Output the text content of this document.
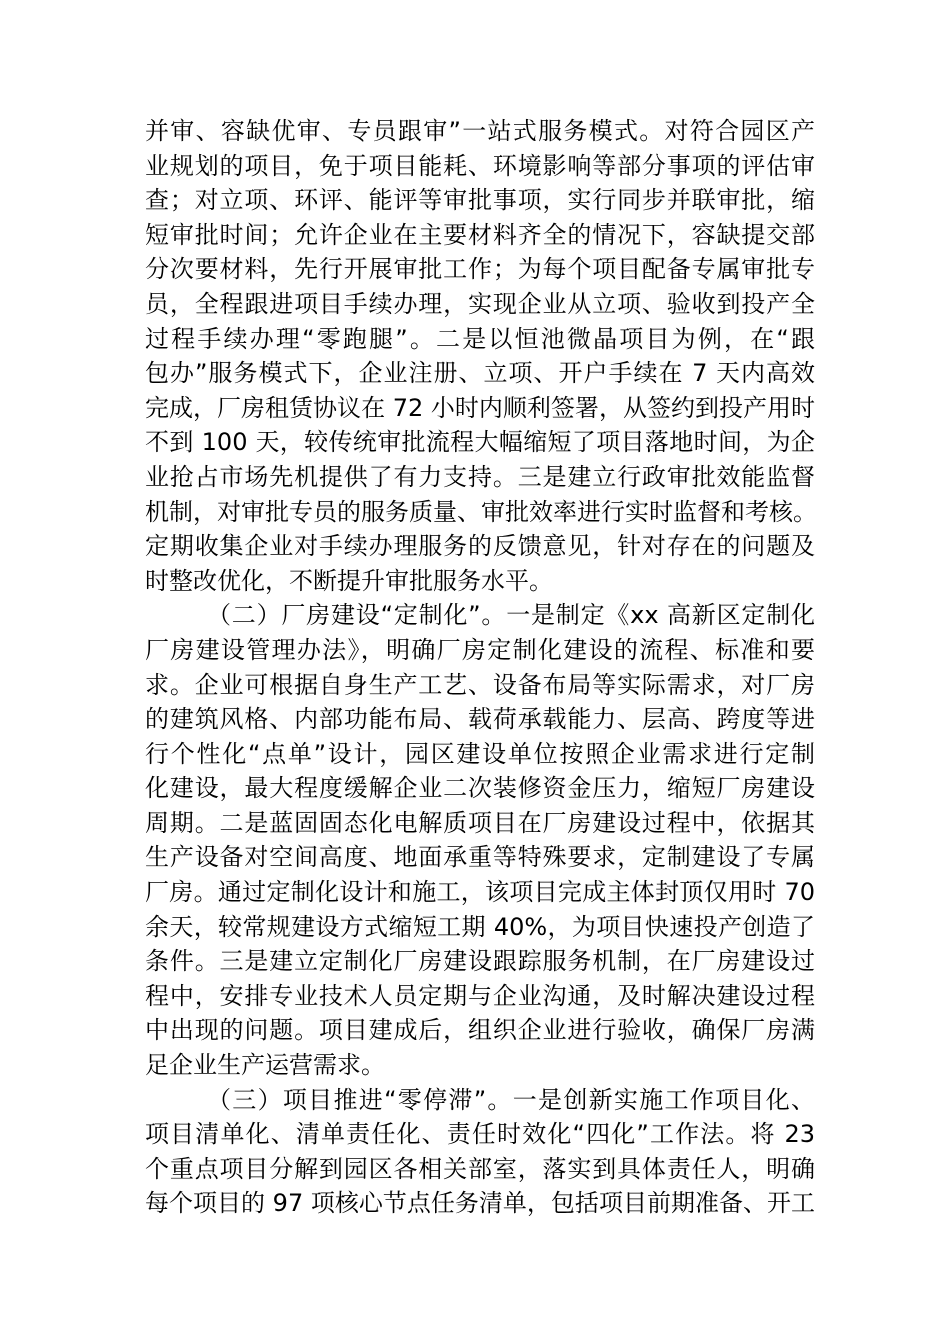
并审、容缺优审、专员跟审”一站式服务模式。对符合园区产
业规划的项目，免于项目能耗、环境影响等部分事项的评估审
查；对立项、环评、能评等审批事项，实行同步并联审批，缩
短审批时间；允许企业在主要材料齐全的情况下，容缺提交部
分次要材料，先行开展审批工作；为每个项目配备专属审批专
员，全程跟进项目手续办理，实现企业从立项、验收到投产全
过程手续办理“零跑腿”。二是以恒池微晶项目为例，在“跟
包办”服务模式下，企业注册、立项、开户手续在 7 天内高效
完成，厂房租赁协议在 72 小时内顺利签署，从签约到投产用时
不到 100 天，较传统审批流程大幅缩短了项目落地时间，为企
业抢占市场先机提供了有力支持。三是建立行政审批效能监督
机制，对审批专员的服务质量、审批效率进行实时监督和考核。
定期收集企业对手续办理服务的反馈意见，针对存在的问题及
时整改优化，不断提升审批服务水平。
（二）厂房建设“定制化”。一是制定《xx 高新区定制化
厂房建设管理办法》，明确厂房定制化建设的流程、标准和要
求。企业可根据自身生产工艺、设备布局等实际需求，对厂房
的建筑风格、内部功能布局、载荷承载能力、层高、跨度等进
行个性化“点单”设计，园区建设单位按照企业需求进行定制
化建设，最大程度缓解企业二次装修资金压力，缩短厂房建设
周期。二是蓝固固态化电解质项目在厂房建设过程中，依据其
生产设备对空间高度、地面承重等特殊要求，定制建设了专属
厂房。通过定制化设计和施工，该项目完成主体封顶仅用时 70
余天，较常规建设方式缩短工期 40%，为项目快速投产创造了
条件。三是建立定制化厂房建设跟踪服务机制，在厂房建设过
程中，安排专业技术人员定期与企业沟通，及时解决建设过程
中出现的问题。项目建成后，组织企业进行验收，确保厂房满
足企业生产运营需求。
（三）项目推进“零停滞”。一是创新实施工作项目化、
项目清单化、清单责任化、责任时效化“四化”工作法。将 23
个重点项目分解到园区各相关部室，落实到具体责任人，明确
每个项目的 97 项核心节点任务清单，包括项目前期准备、开工
